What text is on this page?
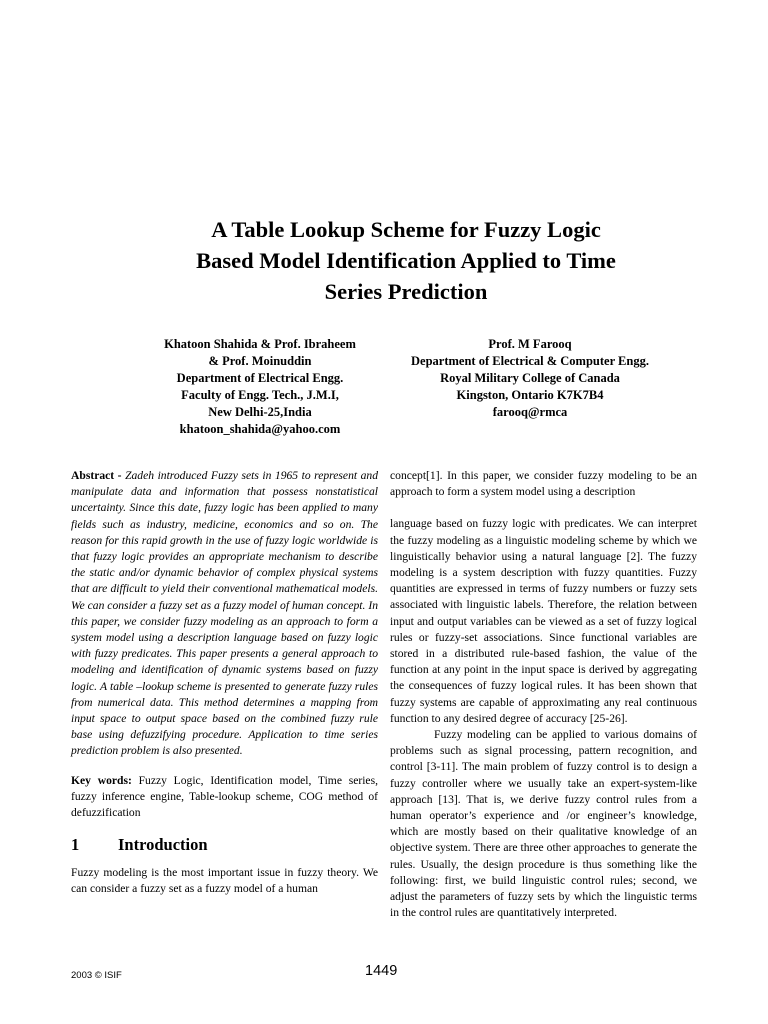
A Table Lookup Scheme for Fuzzy Logic
Based Model Identification Applied to Time
Series Prediction
Khatoon Shahida & Prof. Ibraheem
& Prof. Moinuddin
Department of Electrical Engg.
Faculty of Engg. Tech., J.M.I,
New Delhi-25,India
khatoon_shahida@yahoo.com
Prof. M Farooq
Department of Electrical & Computer Engg.
Royal Military College of Canada
Kingston, Ontario K7K7B4
farooq@rmca

Abstract - Zadeh introduced Fuzzy sets in 1965 to represent and manipulate data and information that possess nonstatistical uncertainty. Since this date, fuzzy logic has been applied to many fields such as industry, medicine, economics and so on. The reason for this rapid growth in the use of fuzzy logic worldwide is that fuzzy logic provides an appropriate mechanism to describe the static and/or dynamic behavior of complex physical systems that are difficult to yield their conventional mathematical models. We can consider a fuzzy set as a fuzzy model of human concept. In this paper, we consider fuzzy modeling as an approach to form a system model using a description language based on fuzzy logic with fuzzy predicates. This paper presents a general approach to modeling and identification of dynamic systems based on fuzzy logic. A table –lookup scheme is presented to generate fuzzy rules from numerical data. This method determines a mapping from input space to output space based on the combined fuzzy rule base using defuzzifying procedure. Application to time series prediction problem is also presented.

Key words: Fuzzy Logic, Identification model, Time series, fuzzy inference engine, Table-lookup scheme, COG method of defuzzification

1	Introduction

Fuzzy modeling is the most important issue in fuzzy theory. We can consider a fuzzy set as a fuzzy model of a human

concept[1]. In this paper, we consider fuzzy modeling to be an approach to form a system model using a description

language based on fuzzy logic with predicates. We can interpret the fuzzy modeling as a linguistic modeling scheme by which we linguistically behavior using a natural language [2]. The fuzzy modeling is a system description with fuzzy quantities. Fuzzy quantities are expressed in terms of fuzzy numbers or fuzzy sets associated with linguistic labels. Therefore, the relation between input and output variables can be viewed as a set of fuzzy logical rules or fuzzy-set associations. Since functional variables are stored in a distributed rule-based fashion, the value of the function at any point in the input space is derived by aggregating the consequences of fuzzy logical rules. It has been shown that fuzzy systems are capable of approximating any real continuous function to any desired degree of accuracy [25-26].

Fuzzy modeling can be applied to various domains of problems such as signal processing, pattern recognition, and control [3-11]. The main problem of fuzzy control is to design a fuzzy controller where we usually take an expert-system-like approach [13]. That is, we derive fuzzy control rules from a human operator’s experience and /or engineer’s knowledge, which are mostly based on their qualitative knowledge of an objective system. There are three other approaches to generate the rules. Usually, the design procedure is thus something like the following: first, we build linguistic control rules; second, we adjust the parameters of fuzzy sets by which the linguistic terms in the control rules are quantitatively interpreted.

2003 © ISIF	1449
